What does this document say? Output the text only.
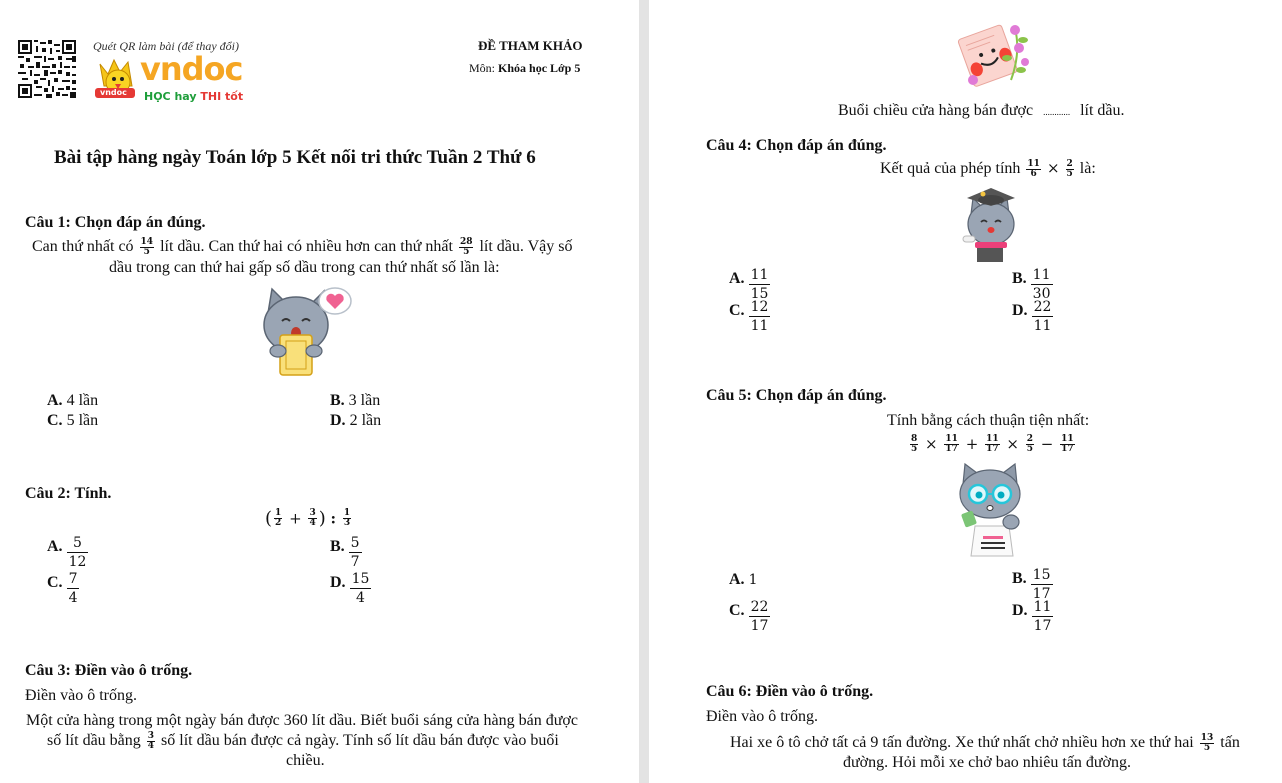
Quét QR làm bài (để thay đổi)
vndoc
vndoc
HỌC hay THI tốt
ĐỀ THAM KHẢO
Môn: Khóa học Lớp 5
Bài tập hàng ngày Toán lớp 5 Kết nối tri thức Tuần 2 Thứ 6
Câu 1: Chọn đáp án đúng.
Can thứ nhất có $\frac{14}{5}$ lít dầu. Can thứ hai có nhiều hơn can thứ nhất $\frac{28}{5}$ lít dầu. Vậy số
dầu trong can thứ hai gấp số dầu trong can thứ nhất số lần là:
A. 4 lần	B. 3 lần
C. 5 lần	D. 2 lần
Câu 2: Tính.
( $\frac{1}{2} + \frac{3}{4}$ ) : $\frac{1}{3}$
A. $\frac{5}{12}$	B. $\frac{5}{7}$
C. $\frac{7}{4}$	D. $\frac{15}{4}$
Câu 3: Điền vào ô trống.
Điền vào ô trống.
Một cửa hàng trong một ngày bán được 360 lít dầu. Biết buổi sáng cửa hàng bán được
số lít dầu bằng $\frac{3}{4}$ số lít dầu bán được cả ngày. Tính số lít dầu bán được vào buổi
chiều.
Buổi chiều cửa hàng bán được ............ lít dầu.
Câu 4: Chọn đáp án đúng.
Kết quả của phép tính $\frac{11}{6} \times \frac{2}{5}$ là:
A. $\frac{11}{15}$	B. $\frac{11}{30}$
C. $\frac{12}{11}$	D. $\frac{22}{11}$
Câu 5: Chọn đáp án đúng.
Tính bằng cách thuận tiện nhất:
$\frac{8}{5} \times \frac{11}{17} + \frac{11}{17} \times \frac{2}{5} - \frac{11}{17}$
A. 1	B. $\frac{15}{17}$
C. $\frac{22}{17}$	D. $\frac{11}{17}$
Câu 6: Điền vào ô trống.
Điền vào ô trống.
Hai xe ô tô chở tất cả 9 tấn đường. Xe thứ nhất chở nhiều hơn xe thứ hai $\frac{13}{5}$ tấn
đường. Hỏi mỗi xe chở bao nhiêu tấn đường.
